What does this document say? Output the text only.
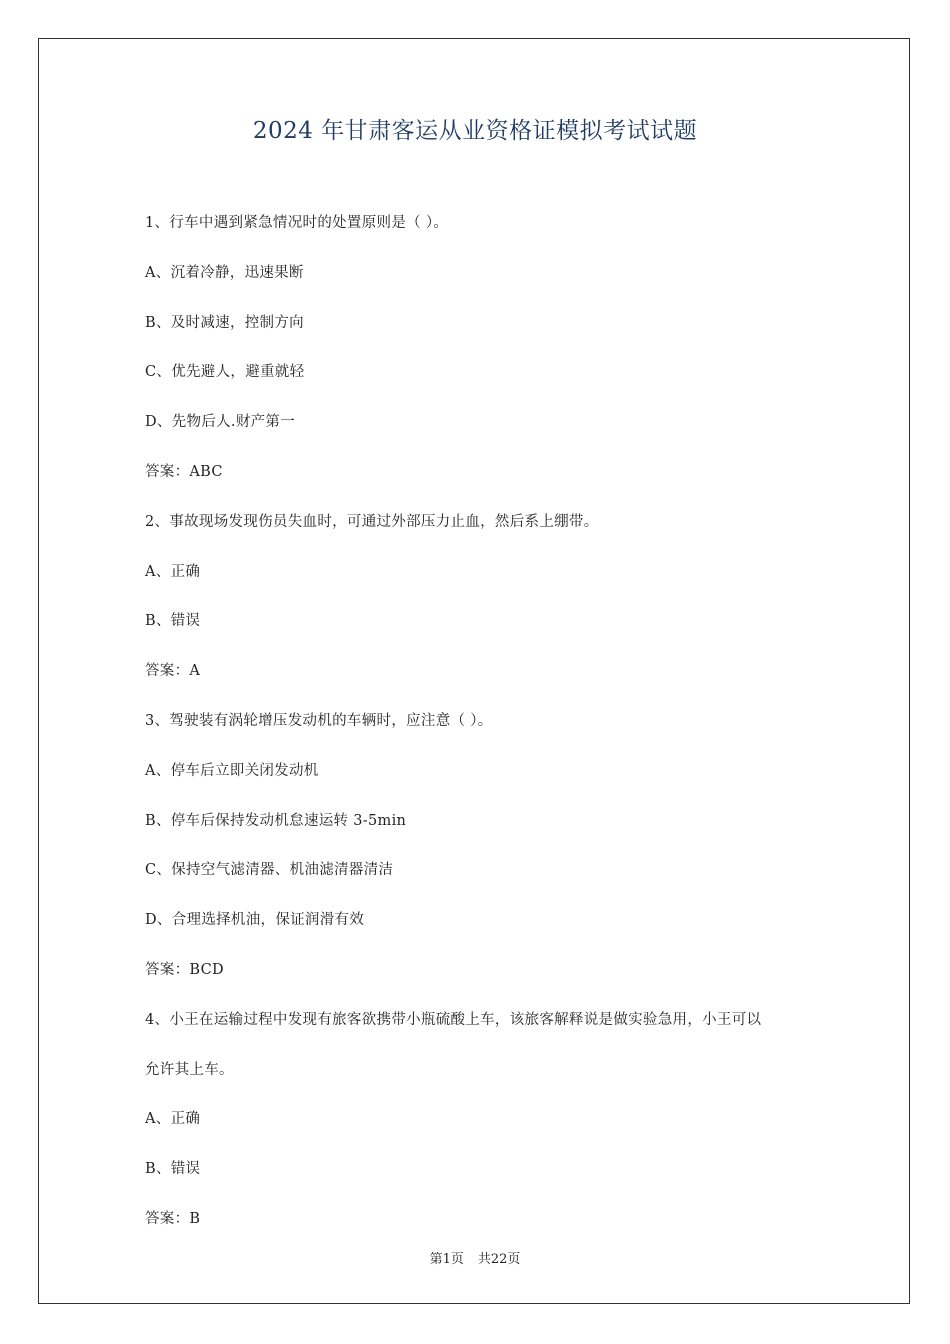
2024 年甘肃客运从业资格证模拟考试试题
1、行车中遇到紧急情况时的处置原则是（ ）。
A、沉着冷静，迅速果断
B、及时减速，控制方向
C、优先避人，避重就轻
D、先物后人.财产第一
答案：ABC
2、事故现场发现伤员失血时，可通过外部压力止血，然后系上绷带。
A、正确
B、错误
答案：A
3、驾驶装有涡轮增压发动机的车辆时，应注意（ ）。
A、停车后立即关闭发动机
B、停车后保持发动机怠速运转 3-5min
C、保持空气滤清器、机油滤清器清洁
D、合理选择机油，保证润滑有效
答案：BCD
4、小王在运输过程中发现有旅客欲携带小瓶硫酸上车，该旅客解释说是做实验急用，小王可以
允许其上车。
A、正确
B、错误
答案：B
第1页 共22页
